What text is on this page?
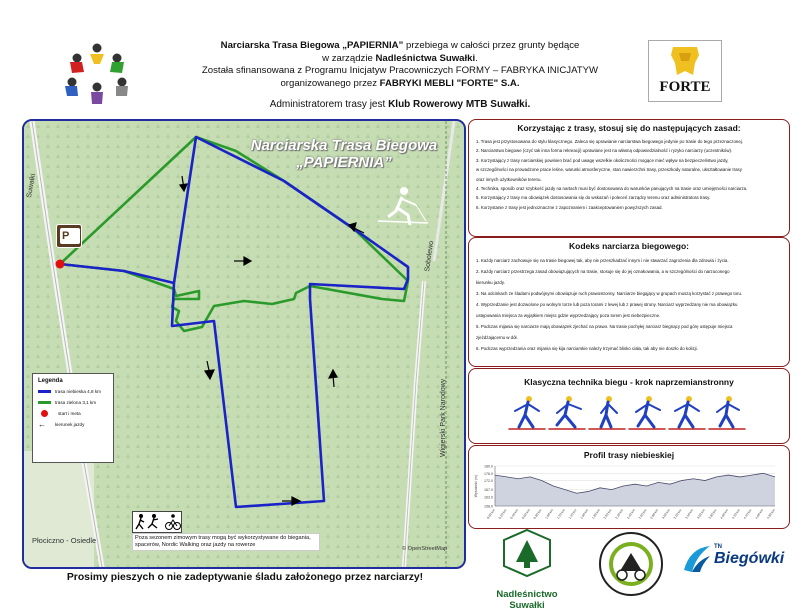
Narciarska Trasa Biegowa „PAPIERNIA” przebiega w całości przez grunty będące
w zarządzie Nadleśnictwa Suwałki.
Została sfinansowana z Programu Inicjatyw Pracowniczych FORMY – FABRYKA INICJATYW
organizowanego przez FABRYKI MEBLI "FORTE" S.A.
Administratorem trasy jest Klub Rowerowy MTB Suwałki.
FORTE
Narciarska Trasa Biegowa
„PAPIERNIA”
P
Suwałki
Sobolewo
Wigierski Park Narodowy
Płociczno - Osiedle
© OpenStreetMap
Legenda
trasa niebieska 4,8 km
trasa zielona 3,1 km
start i meta
←	kierunek jazdy
Poza sezonem zimowym trasy mogą być wykorzystywane do biegania, spacerów, Nordic Walking oraz jazdy na rowerze
Korzystając z trasy, stosuj się do następujących zasad:
1. Trasa jest przystosowana do stylu klasycznego. Zaleca się uprawianie narciarstwa biegowego jedynie po trasie do tego przeznaczonej.
2. Narciarstwo biegowe (czyć tak inna forma rekreacji) uprawiane jest na własną odpowiedzialność i ryzyko narciarzy (uczestników).
3. Korzystający z trasy narciarskiej powinien brać pod uwagę wszelkie okoliczności mogące mieć wpływ na bezpieczeństwo jazdy,
w szczególności na prowadzone prace leśne, warunki atmosferyczne, stan nawierzchni trasy, przeszkody naturalne, ukształtowanie trasy
oraz innych użytkowników terenu.
4. Technika, sposób oraz szybkość jazdy na nartach musi być dostosowana do warunków panujących na trasie oraz umiejętności narciarza.
5. Korzystający z trasy ma obowiązek dostosowania się do wskazań i poleceń zarządcy terenu oraz administratora trasy.
6. Korzystanie z trasy jest jednoznaczne z zapoznaniem i zaakceptowaniem powyższych zasad.
Kodeks narciarza biegowego:
1. Każdy narciarz zachowuje się na trasie biegowej tak, aby nie przeszkadzać innym i nie stwarzać zagrożenia dla zdrowia i życia.
2. Każdy narciarz przestrzega zasad obowiązujących na trasie, stosuje się do jej oznakowania, a w szczególności do narzuconego
kierunku jazdy.
3. Na odcinkach ze śladami podwójnymi obowiązuje ruch prawostronny. Narciarze biegąjący w grupach muszą korzystać z prawego toru.
4. Wyprzedzanie jest dozwolone po wolnym torze lub poza torami z lewej lub z prawej strony. Narciarz wyprzedzany nie ma obowiązku
ustępowania miejsca za wyjątkiem miejsc gdzie wyprzedzający poza torem jest niebezpieczne.
5. Podczas mijania się narciarze mają obowiązek zjechać na prawo. Na trasie pochyłej narciarz biegnący pod górę ustępuje miejsca
zjeżdżającemu w dół.
6. Podczas wyprzedzania oraz mijania się kija narciarskie należy trzymać blisko ciała, tak aby nie doszło do kolizji.
Klasyczna technika biegu - krok naprzemianstronny
Profil trasy niebieskiej
158.0
163.0
167.0
172.0
176.0
180.0
0.00 km 0.20 km 0.40 km 0.60 km 0.80 km 1.00 km 1.20 km 1.40 km 1.60 km 1.80 km 2.00 km 2.20 km 2.40 km 2.60 km 2.80 km 3.00 km 3.20 km 3.40 km 3.60 km 3.80 km 4.00 km 4.20 km 4.40 km 4.60 km 4.80 km
Wysokość (m)
Prosimy pieszych o nie zadeptywanie śladu założonego przez narciarzy!
Nadleśnictwo Suwałki
TN
Biegówki
